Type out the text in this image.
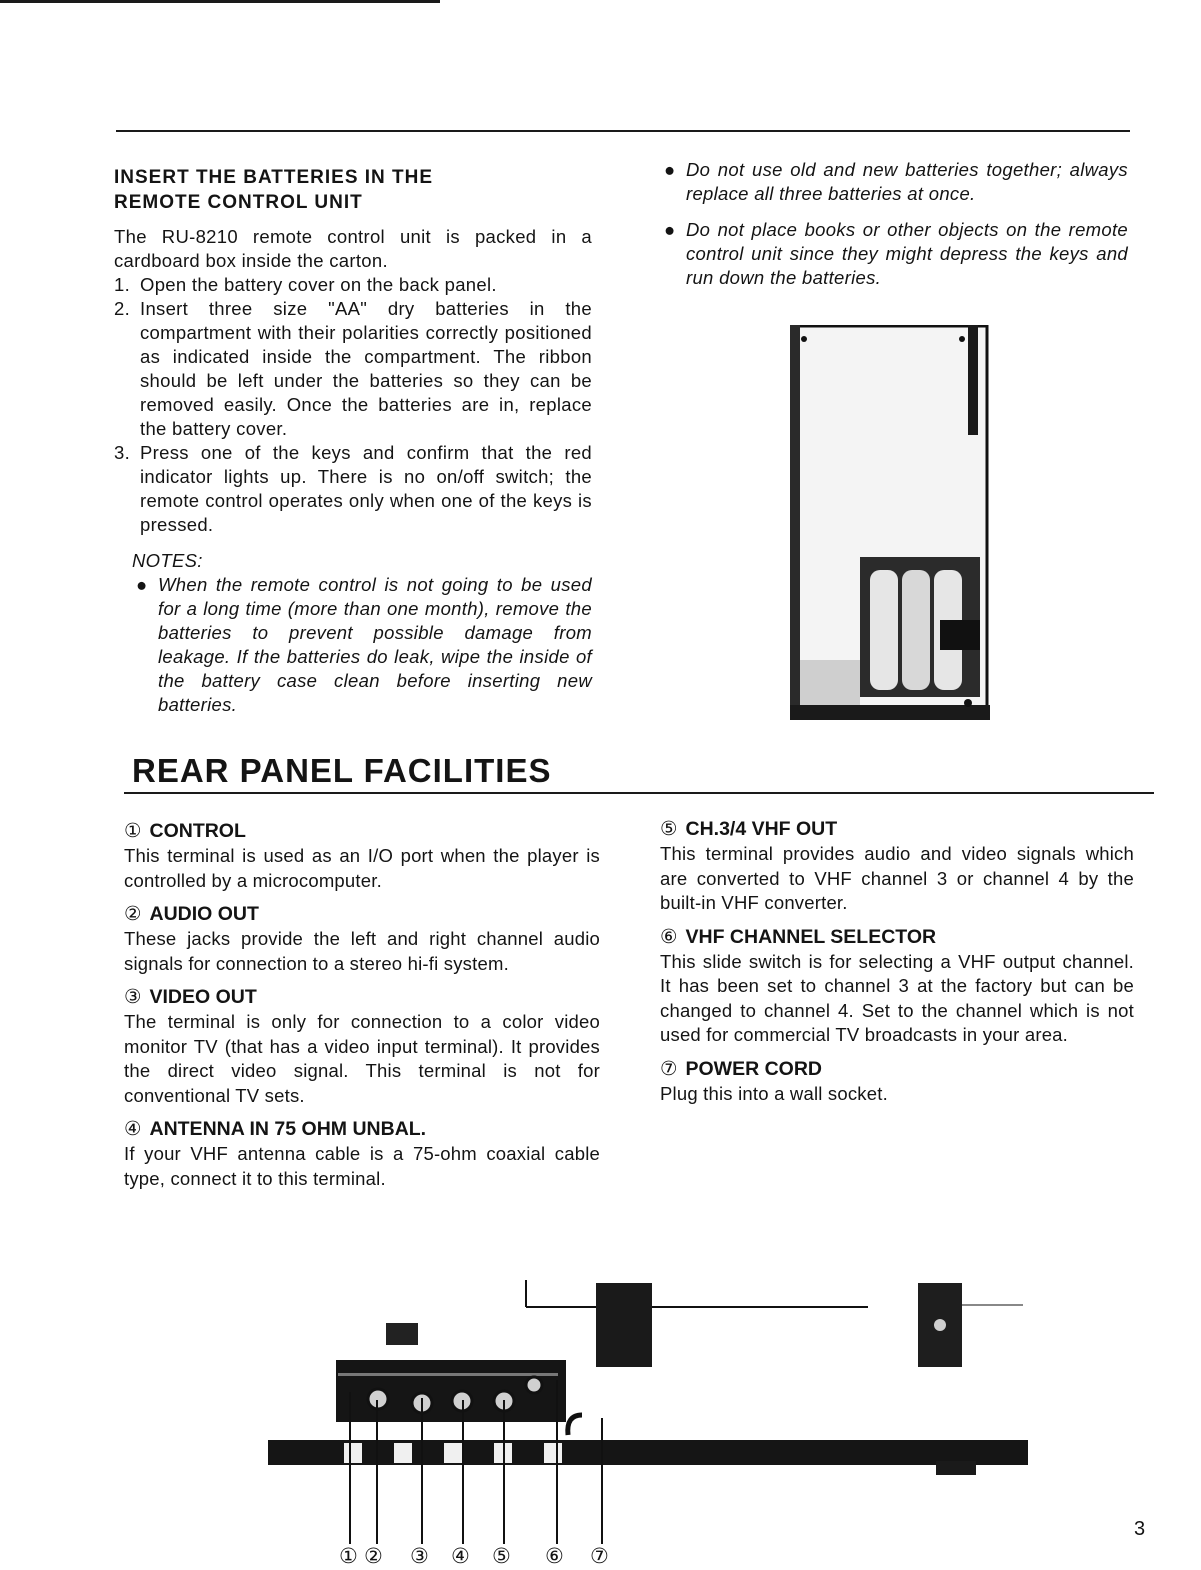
INSERT THE BATTERIES IN THE
REMOTE CONTROL UNIT
The RU-8210 remote control unit is packed in a cardboard box inside the carton.
1. Open the battery cover on the back panel.
2. Insert three size "AA" dry batteries in the compartment with their polarities correctly positioned as indicated inside the compartment. The ribbon should be left under the batteries so they can be removed easily. Once the batteries are in, replace the battery cover.
3. Press one of the keys and confirm that the red indicator lights up. There is no on/off switch; the remote control operates only when one of the keys is pressed.
NOTES:
● When the remote control is not going to be used for a long time (more than one month), remove the batteries to prevent possible damage from leakage. If the batteries do leak, wipe the inside of the battery case clean before inserting new batteries.
● Do not use old and new batteries together; always replace all three batteries at once.
● Do not place books or other objects on the remote control unit since they might depress the keys and run down the batteries.
REAR PANEL FACILITIES
① CONTROL
This terminal is used as an I/O port when the player is controlled by a microcomputer.
② AUDIO OUT
These jacks provide the left and right channel audio signals for connection to a stereo hi-fi system.
③ VIDEO OUT
The terminal is only for connection to a color video monitor TV (that has a video input terminal). It provides the direct video signal. This terminal is not for conventional TV sets.
④ ANTENNA IN 75 OHM UNBAL.
If your VHF antenna cable is a 75-ohm coaxial cable type, connect it to this terminal.
⑤ CH.3/4 VHF OUT
This terminal provides audio and video signals which are converted to VHF channel 3 or channel 4 by the built-in VHF converter.
⑥ VHF CHANNEL SELECTOR
This slide switch is for selecting a VHF output channel. It has been set to channel 3 at the factory but can be changed to channel 4. Set to the channel which is not used for commercial TV broadcasts in your area.
⑦ POWER CORD
Plug this into a wall socket.
① ② ③ ④ ⑤ ⑥ ⑦
3
